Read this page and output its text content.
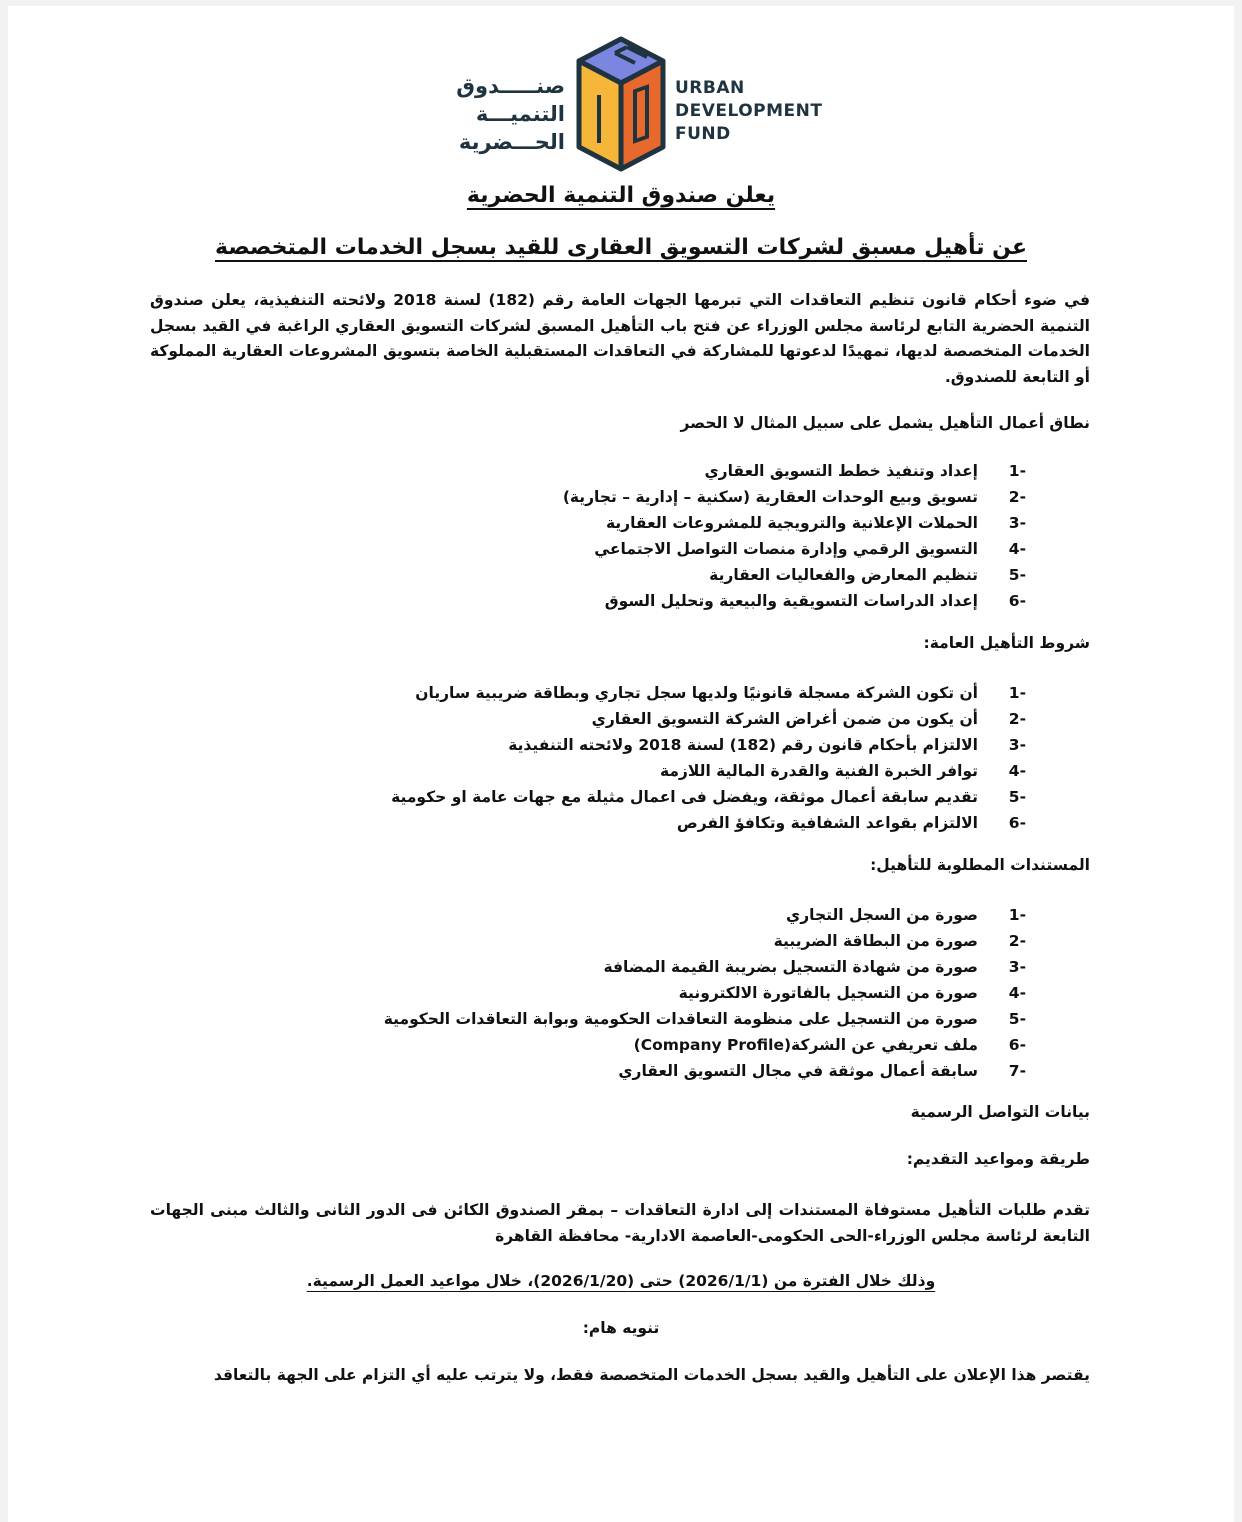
صنـــــدوق
التنميـــة
الحـــضرية
URBAN
DEVELOPMENT
FUND
يعلن صندوق التنمية الحضرية
عن تأهيل مسبق لشركات التسويق العقارى للقيد بسجل الخدمات المتخصصة
في ضوء أحكام قانون تنظيم التعاقدات التي تبرمها الجهات العامة رقم (182) لسنة 2018 ولائحته التنفيذية، يعلن صندوق التنمية الحضرية التابع لرئاسة مجلس الوزراء عن فتح باب التأهيل المسبق لشركات التسويق العقاري الراغبة في القيد بسجل الخدمات المتخصصة لديها، تمهيدًا لدعوتها للمشاركة في التعاقدات المستقبلية الخاصة بتسويق المشروعات العقارية المملوكة أو التابعة للصندوق.
نطاق أعمال التأهيل يشمل على سبيل المثال لا الحصر
1-
إعداد وتنفيذ خطط التسويق العقاري
2-
تسويق وبيع الوحدات العقارية (سكنية – إدارية – تجارية)
3-
الحملات الإعلانية والترويجية للمشروعات العقارية
4-
التسويق الرقمي وإدارة منصات التواصل الاجتماعي
5-
تنظيم المعارض والفعاليات العقارية
6-
إعداد الدراسات التسويقية والبيعية وتحليل السوق
شروط التأهيل العامة:
1-
أن تكون الشركة مسجلة قانونيًا ولديها سجل تجاري وبطاقة ضريبية ساريان
2-
أن يكون من ضمن أغراض الشركة التسويق العقاري
3-
الالتزام بأحكام قانون رقم (182) لسنة 2018 ولائحته التنفيذية
4-
توافر الخبرة الفنية والقدرة المالية اللازمة
5-
تقديم سابقة أعمال موثقة، ويفضل فى اعمال مثيلة مع جهات عامة او حكومية
6-
الالتزام بقواعد الشفافية وتكافؤ الفرص
المستندات المطلوبة للتأهيل:
1-
صورة من السجل التجاري
2-
صورة من البطاقة الضريبية
3-
صورة من شهادة التسجيل بضريبة القيمة المضافة
4-
صورة من التسجيل بالفاتورة الالكترونية
5-
صورة من التسجيل على منظومة التعاقدات الحكومية وبوابة التعاقدات الحكومية
6-
ملف تعريفي عن الشركة(Company Profile)
7-
سابقة أعمال موثقة في مجال التسويق العقاري
بيانات التواصل الرسمية
طريقة ومواعيد التقديم:
تقدم طلبات التأهيل مستوفاة المستندات إلى ادارة التعاقدات – بمقر الصندوق الكائن فى الدور الثانى والثالث مبنى الجهات التابعة لرئاسة مجلس الوزراء-الحى الحكومى-العاصمة الادارية- محافظة القاهرة
وذلك خلال الفترة من (2026/1/1) حتى (2026/1/20)، خلال مواعيد العمل الرسمية.
تنويه هام:
يقتصر هذا الإعلان على التأهيل والقيد بسجل الخدمات المتخصصة فقط، ولا يترتب عليه أي التزام على الجهة بالتعاقد
